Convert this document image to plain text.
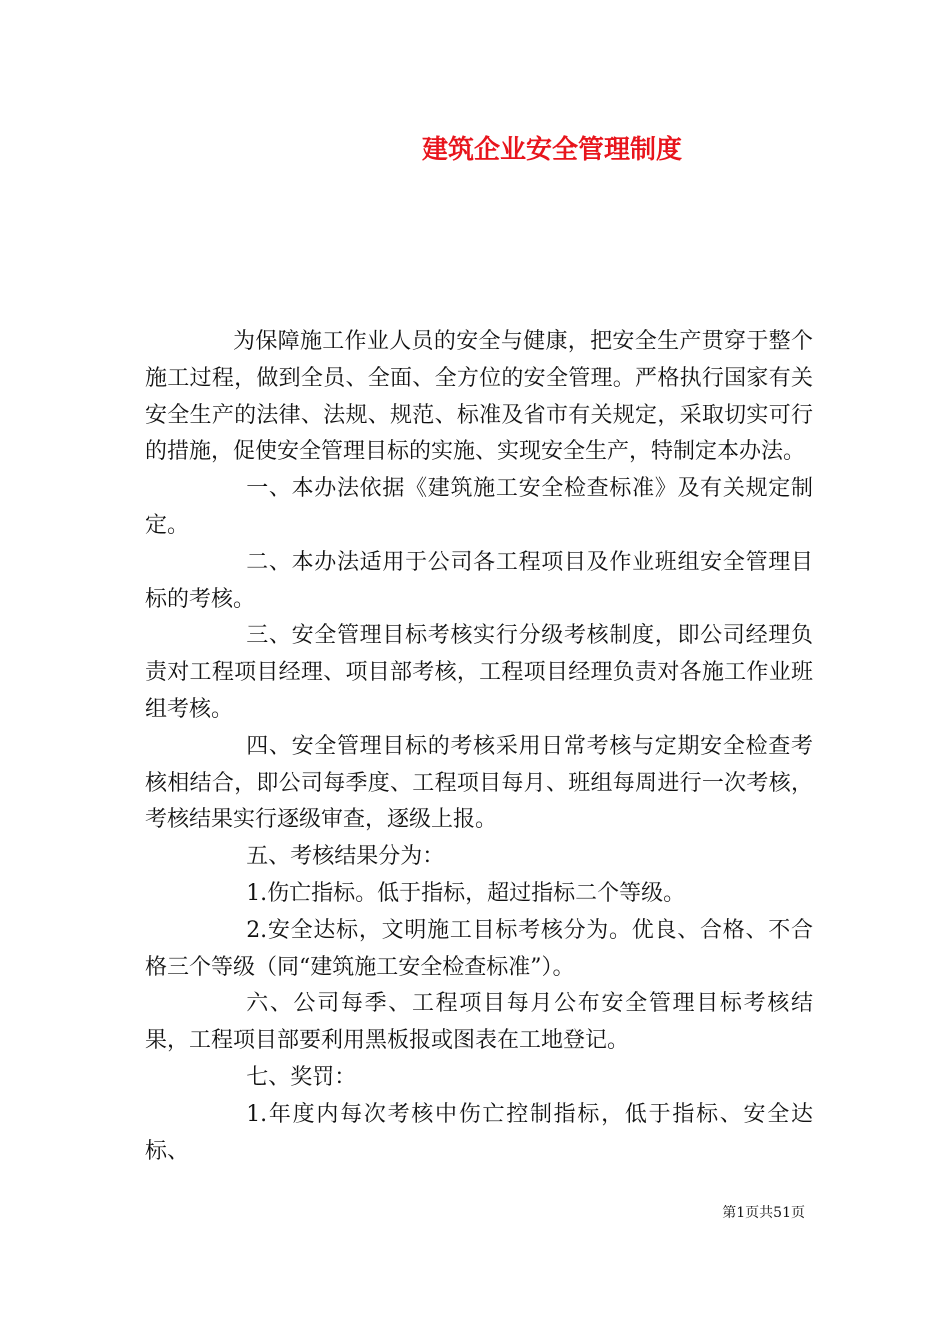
建筑企业安全管理制度

为保障施工作业人员的安全与健康，把安全生产贯穿于整个施工过程，做到全员、全面、全方位的安全管理。严格执行国家有关安全生产的法律、法规、规范、标准及省市有关规定，采取切实可行的措施，促使安全管理目标的实施、实现安全生产，特制定本办法。

一、本办法依据《建筑施工安全检查标准》及有关规定制定。

二、本办法适用于公司各工程项目及作业班组安全管理目标的考核。

三、安全管理目标考核实行分级考核制度，即公司经理负责对工程项目经理、项目部考核，工程项目经理负责对各施工作业班组考核。

四、安全管理目标的考核采用日常考核与定期安全检查考核相结合，即公司每季度、工程项目每月、班组每周进行一次考核，考核结果实行逐级审查，逐级上报。

五、考核结果分为：

1.伤亡指标。低于指标，超过指标二个等级。

2.安全达标，文明施工目标考核分为。优良、合格、不合格三个等级（同“建筑施工安全检查标准”）。

六、公司每季、工程项目每月公布安全管理目标考核结果，工程项目部要利用黑板报或图表在工地登记。

七、奖罚：

1.年度内每次考核中伤亡控制指标，低于指标、安全达标、

第1页共51页
